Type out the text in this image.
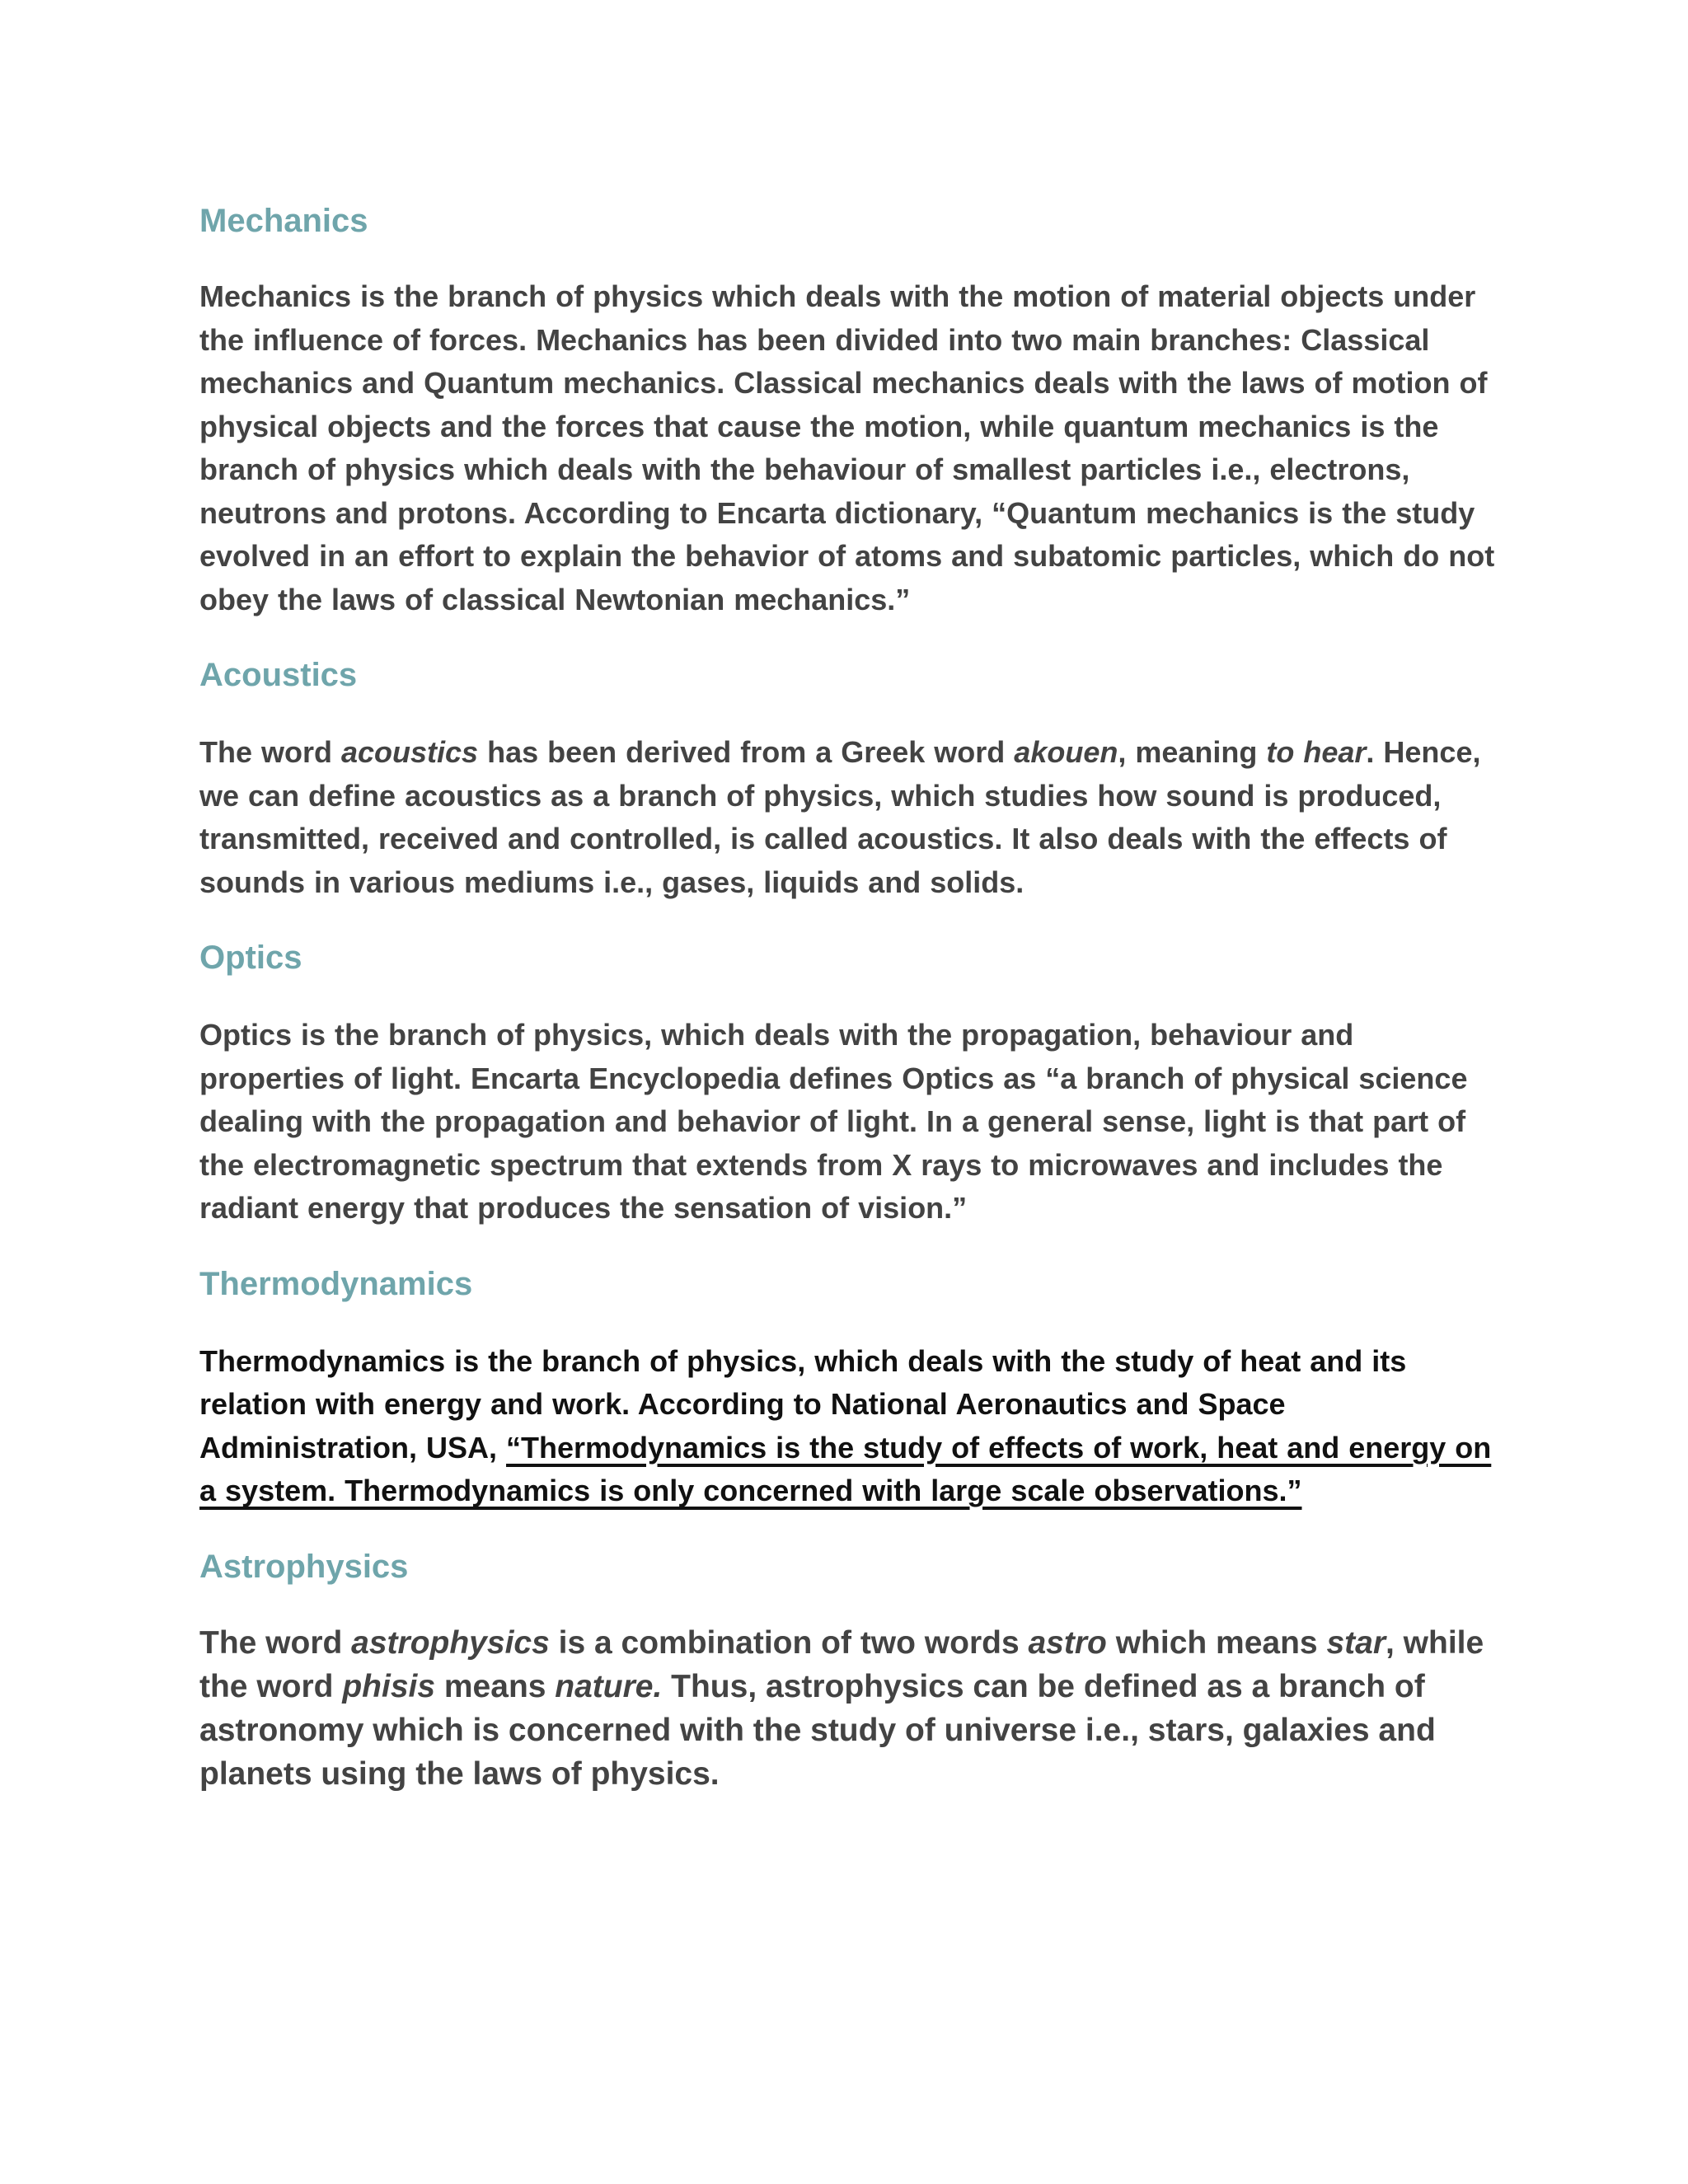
Mechanics

Mechanics is the branch of physics which deals with the motion of material objects under the influence of forces. Mechanics has been divided into two main branches: Classical mechanics and Quantum mechanics. Classical mechanics deals with the laws of motion of physical objects and the forces that cause the motion, while quantum mechanics is the branch of physics which deals with the behaviour of smallest particles i.e., electrons, neutrons and protons. According to Encarta dictionary, “Quantum mechanics is the study evolved in an effort to explain the behavior of atoms and subatomic particles, which do not obey the laws of classical Newtonian mechanics.”

Acoustics

The word acoustics has been derived from a Greek word akouen, meaning to hear. Hence, we can define acoustics as a branch of physics, which studies how sound is produced, transmitted, received and controlled, is called acoustics. It also deals with the effects of sounds in various mediums i.e., gases, liquids and solids.

Optics

Optics is the branch of physics, which deals with the propagation, behaviour and properties of light. Encarta Encyclopedia defines Optics as “a branch of physical science dealing with the propagation and behavior of light. In a general sense, light is that part of the electromagnetic spectrum that extends from X rays to microwaves and includes the radiant energy that produces the sensation of vision.”

Thermodynamics

Thermodynamics is the branch of physics, which deals with the study of heat and its relation with energy and work. According to National Aeronautics and Space Administration, USA, “Thermodynamics is the study of effects of work, heat and energy on a system. Thermodynamics is only concerned with large scale observations.”

Astrophysics

The word astrophysics is a combination of two words astro which means star, while the word phisis means nature. Thus, astrophysics can be defined as a branch of astronomy which is concerned with the study of universe i.e., stars, galaxies and planets using the laws of physics.
